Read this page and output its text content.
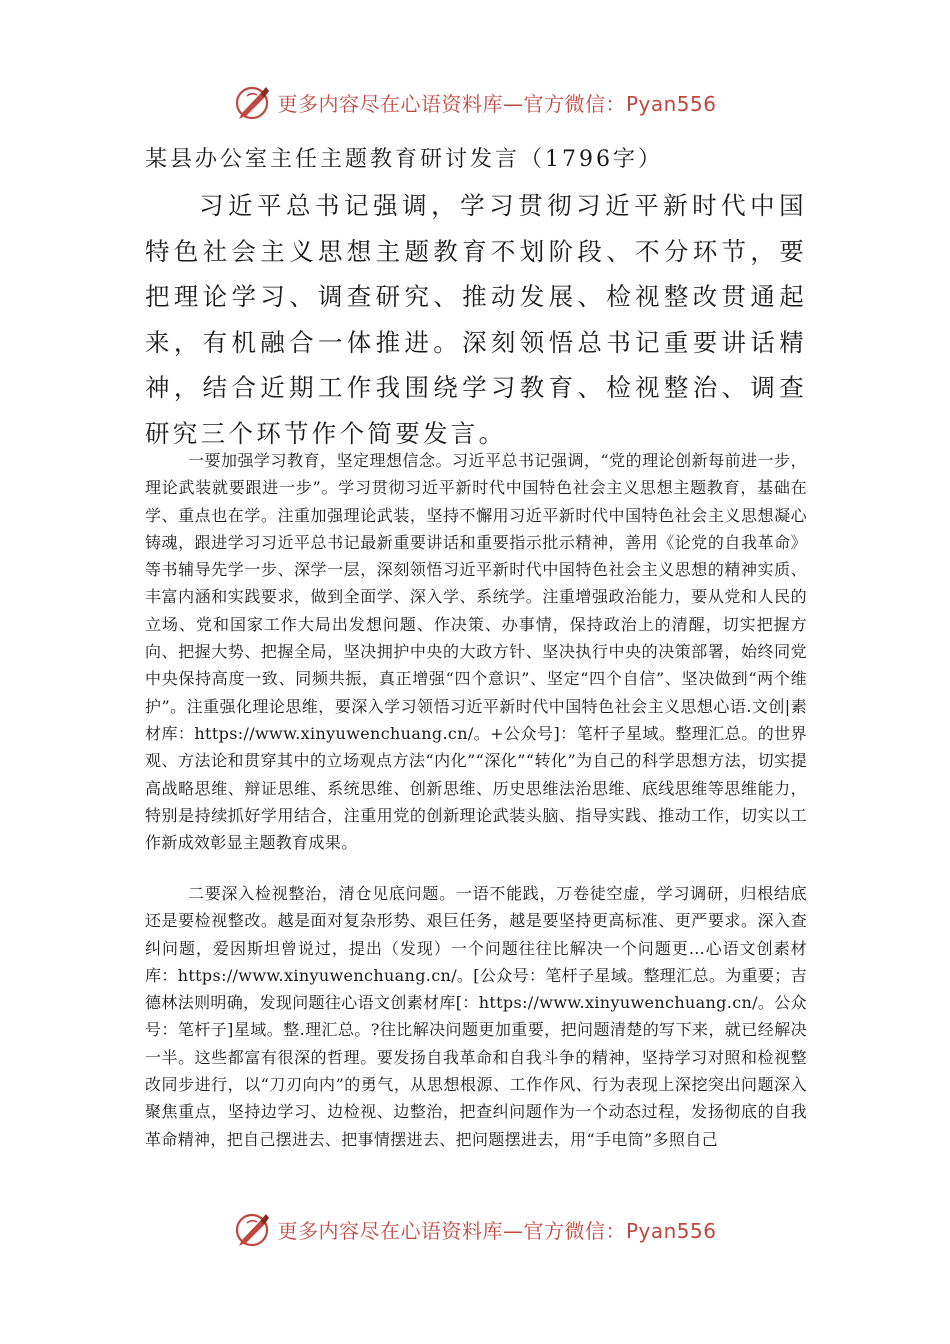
更多内容尽在心语资料库—官方微信：Pyan556
某县办公室主任主题教育研讨发言（1796字）

习近平总书记强调，学习贯彻习近平新时代中国特色社会主义思想主题教育不划阶段、不分环节，要把理论学习、调查研究、推动发展、检视整改贯通起来，有机融合一体推进。深刻领悟总书记重要讲话精神，结合近期工作我围绕学习教育、检视整治、调查研究三个环节作个简要发言。

一要加强学习教育，坚定理想信念。习近平总书记强调，“党的理论创新每前进一步，理论武装就要跟进一步”。学习贯彻习近平新时代中国特色社会主义思想主题教育，基础在学、重点也在学。注重加强理论武装，坚持不懈用习近平新时代中国特色社会主义思想凝心铸魂，跟进学习习近平总书记最新重要讲话和重要指示批示精神，善用《论党的自我革命》等书辅导先学一步、深学一层，深刻领悟习近平新时代中国特色社会主义思想的精神实质、丰富内涵和实践要求，做到全面学、深入学、系统学。注重增强政治能力，要从党和人民的立场、党和国家工作大局出发想问题、作决策、办事情，保持政治上的清醒，切实把握方向、把握大势、把握全局，坚决拥护中央的大政方针、坚决执行中央的决策部署，始终同党中央保持高度一致、同频共振，真正增强“四个意识”、坚定“四个自信”、坚决做到“两个维护”。注重强化理论思维，要深入学习领悟习近平新时代中国特色社会主义思想心语.文创|素材库：https://www.xinyuwenchuang.cn/。+公众号]：笔杆子星域。整理汇总。的世界观、方法论和贯穿其中的立场观点方法“内化”“深化”“转化”为自己的科学思想方法，切实提高战略思维、辩证思维、系统思维、创新思维、历史思维法治思维、底线思维等思维能力，特别是持续抓好学用结合，注重用党的创新理论武装头脑、指导实践、推动工作，切实以工作新成效彰显主题教育成果。

二要深入检视整治，清仓见底问题。一语不能践，万卷徒空虚，学习调研，归根结底还是要检视整改。越是面对复杂形势、艰巨任务，越是要坚持更高标准、更严要求。深入查纠问题，爱因斯坦曾说过，提出（发现）一个问题往往比解决一个问题更…心语文创素材库：https://www.xinyuwenchuang.cn/。[公众号：笔杆子星域。整理汇总。为重要；吉德林法则明确，发现问题往心语文创素材库[：https://www.xinyuwenchuang.cn/。公众号：笔杆子]星域。整.理汇总。?往比解决问题更加重要，把问题清楚的写下来，就已经解决一半。这些都富有很深的哲理。要发扬自我革命和自我斗争的精神，坚持学习对照和检视整改同步进行，以“刀刃向内”的勇气，从思想根源、工作作风、行为表现上深挖突出问题深入聚焦重点，坚持边学习、边检视、边整治，把查纠问题作为一个动态过程，发扬彻底的自我革命精神，把自己摆进去、把事情摆进去、把问题摆进去，用“手电筒”多照自己

更多内容尽在心语资料库—官方微信：Pyan556
